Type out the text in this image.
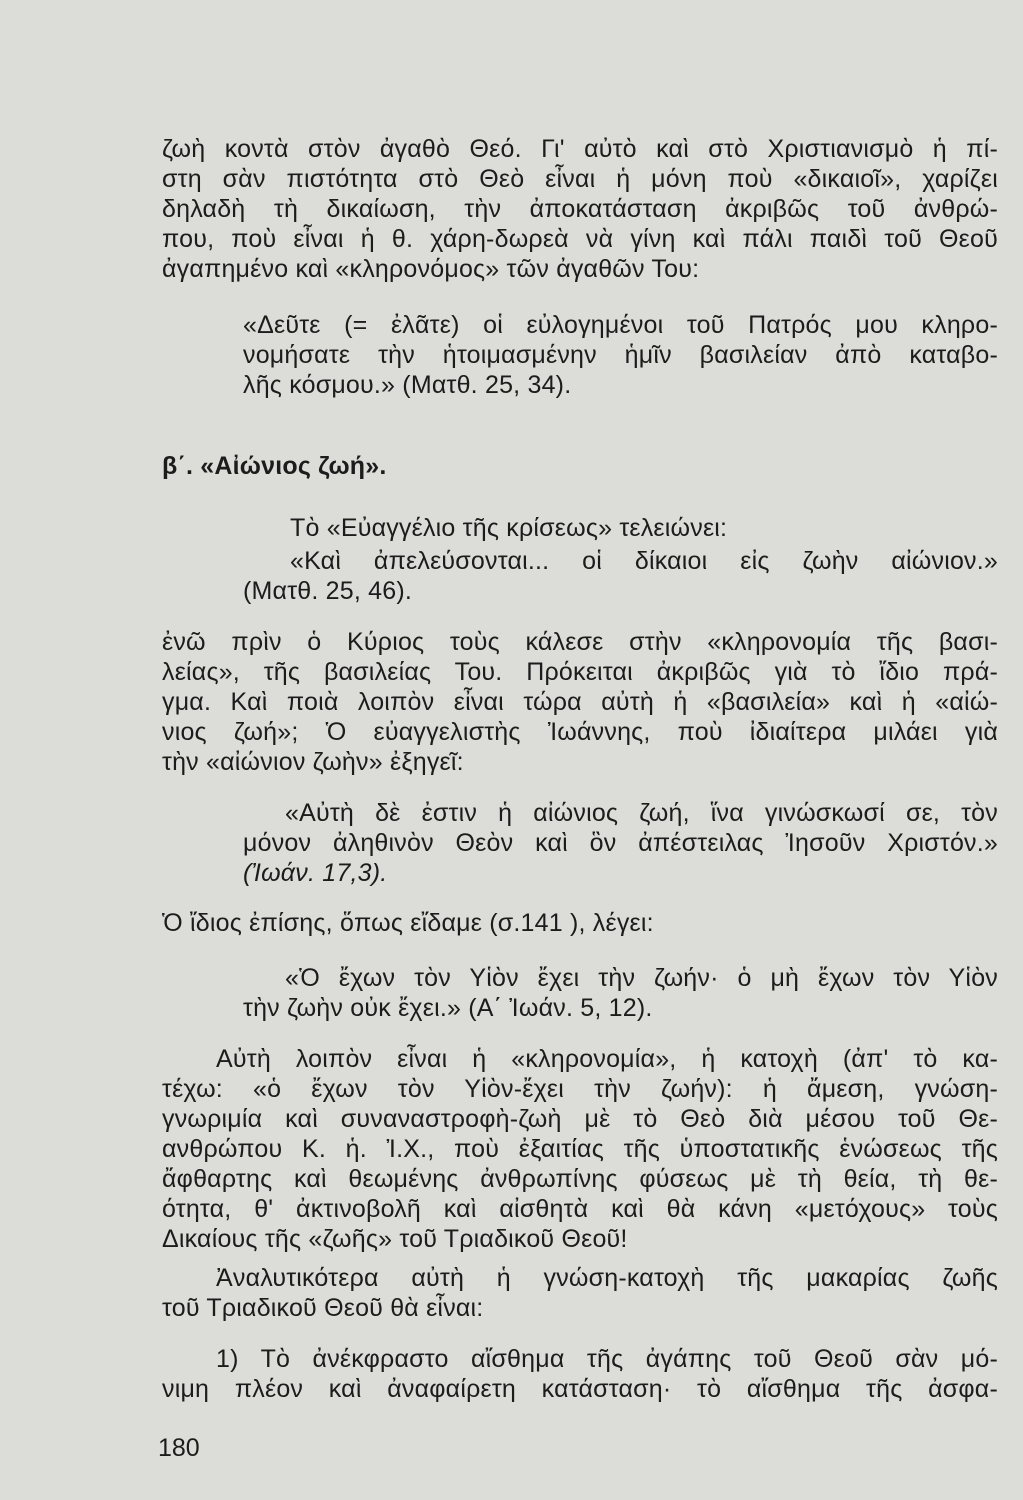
ζωὴ κοντὰ στὸν ἀγαθὸ Θεό. Γι' αὐτὸ καὶ στὸ Χριστιανισμὸ ἡ πί-
στη σὰν πιστότητα στὸ Θεὸ εἶναι ἡ μόνη ποὺ «δικαιοῖ», χαρίζει
δηλαδὴ τὴ δικαίωση, τὴν ἀποκατάσταση ἀκριβῶς τοῦ ἀνθρώ-
που, ποὺ εἶναι ἡ θ. χάρη-δωρεὰ νὰ γίνη καὶ πάλι παιδὶ τοῦ Θεοῦ
ἀγαπημένο καὶ «κληρονόμος» τῶν ἀγαθῶν Του:
«Δεῦτε (= ἐλᾶτε) οἱ εὐλογημένοι τοῦ Πατρός μου κληρο-
νομήσατε τὴν ἡτοιμασμένην ἡμῖν βασιλείαν ἀπὸ καταβο-
λῆς κόσμου.» (Ματθ. 25, 34).
β΄. «Αἰώνιος ζωή».
Τὸ «Εὐαγγέλιο τῆς κρίσεως» τελειώνει:
«Καὶ ἀπελεύσονται... οἱ δίκαιοι εἰς ζωὴν αἰώνιον.»
(Ματθ. 25, 46).
ἐνῶ πρὶν ὁ Κύριος τοὺς κάλεσε στὴν «κληρονομία τῆς βασι-
λείας», τῆς βασιλείας Του. Πρόκειται ἀκριβῶς γιὰ τὸ ἴδιο πρά-
γμα. Καὶ ποιὰ λοιπὸν εἶναι τώρα αὐτὴ ἡ «βασιλεία» καὶ ἡ «αἰώ-
νιος ζωή»; Ὁ εὐαγγελιστὴς Ἰωάννης, ποὺ ἰδιαίτερα μιλάει γιὰ
τὴν «αἰώνιον ζωὴν» ἐξηγεῖ:
«Αὐτὴ δὲ ἐστιν ἡ αἰώνιος ζωή, ἵνα γινώσκωσί σε, τὸν
μόνον ἀληθινὸν Θεὸν καὶ ὃν ἀπέστειλας Ἰησοῦν Χριστόν.»
(Ἰωάν. 17,3).
Ὁ ἴδιος ἐπίσης, ὅπως εἴδαμε (σ.141 ), λέγει:
«Ὁ ἔχων τὸν Υἱὸν ἔχει τὴν ζωήν· ὁ μὴ ἔχων τὸν Υἱὸν
τὴν ζωὴν οὐκ ἔχει.» (Α΄ Ἰωάν. 5, 12).
Αὐτὴ λοιπὸν εἶναι ἡ «κληρονομία», ἡ κατοχὴ (ἀπ' τὸ κα-
τέχω: «ὁ ἔχων τὸν Υἱὸν-ἔχει τὴν ζωήν): ἡ ἄμεση, γνώση-
γνωριμία καὶ συναναστροφὴ-ζωὴ μὲ τὸ Θεὸ διὰ μέσου τοῦ Θε-
ανθρώπου Κ. ἡ. Ἰ.Χ., ποὺ ἐξαιτίας τῆς ὑποστατικῆς ἑνώσεως τῆς
ἄφθαρτης καὶ θεωμένης ἀνθρωπίνης φύσεως μὲ τὴ θεία, τὴ θε-
ότητα, θ' ἀκτινοβολῆ καὶ αἰσθητὰ καὶ θὰ κάνη «μετόχους» τοὺς
Δικαίους τῆς «ζωῆς» τοῦ Τριαδικοῦ Θεοῦ!
Ἀναλυτικότερα αὐτὴ ἡ γνώση-κατοχὴ τῆς μακαρίας ζωῆς
τοῦ Τριαδικοῦ Θεοῦ θὰ εἶναι:
1) Τὸ ἀνέκφραστο αἴσθημα τῆς ἀγάπης τοῦ Θεοῦ σὰν μό-
νιμη πλέον καὶ ἀναφαίρετη κατάσταση· τὸ αἴσθημα τῆς ἀσφα-
180
